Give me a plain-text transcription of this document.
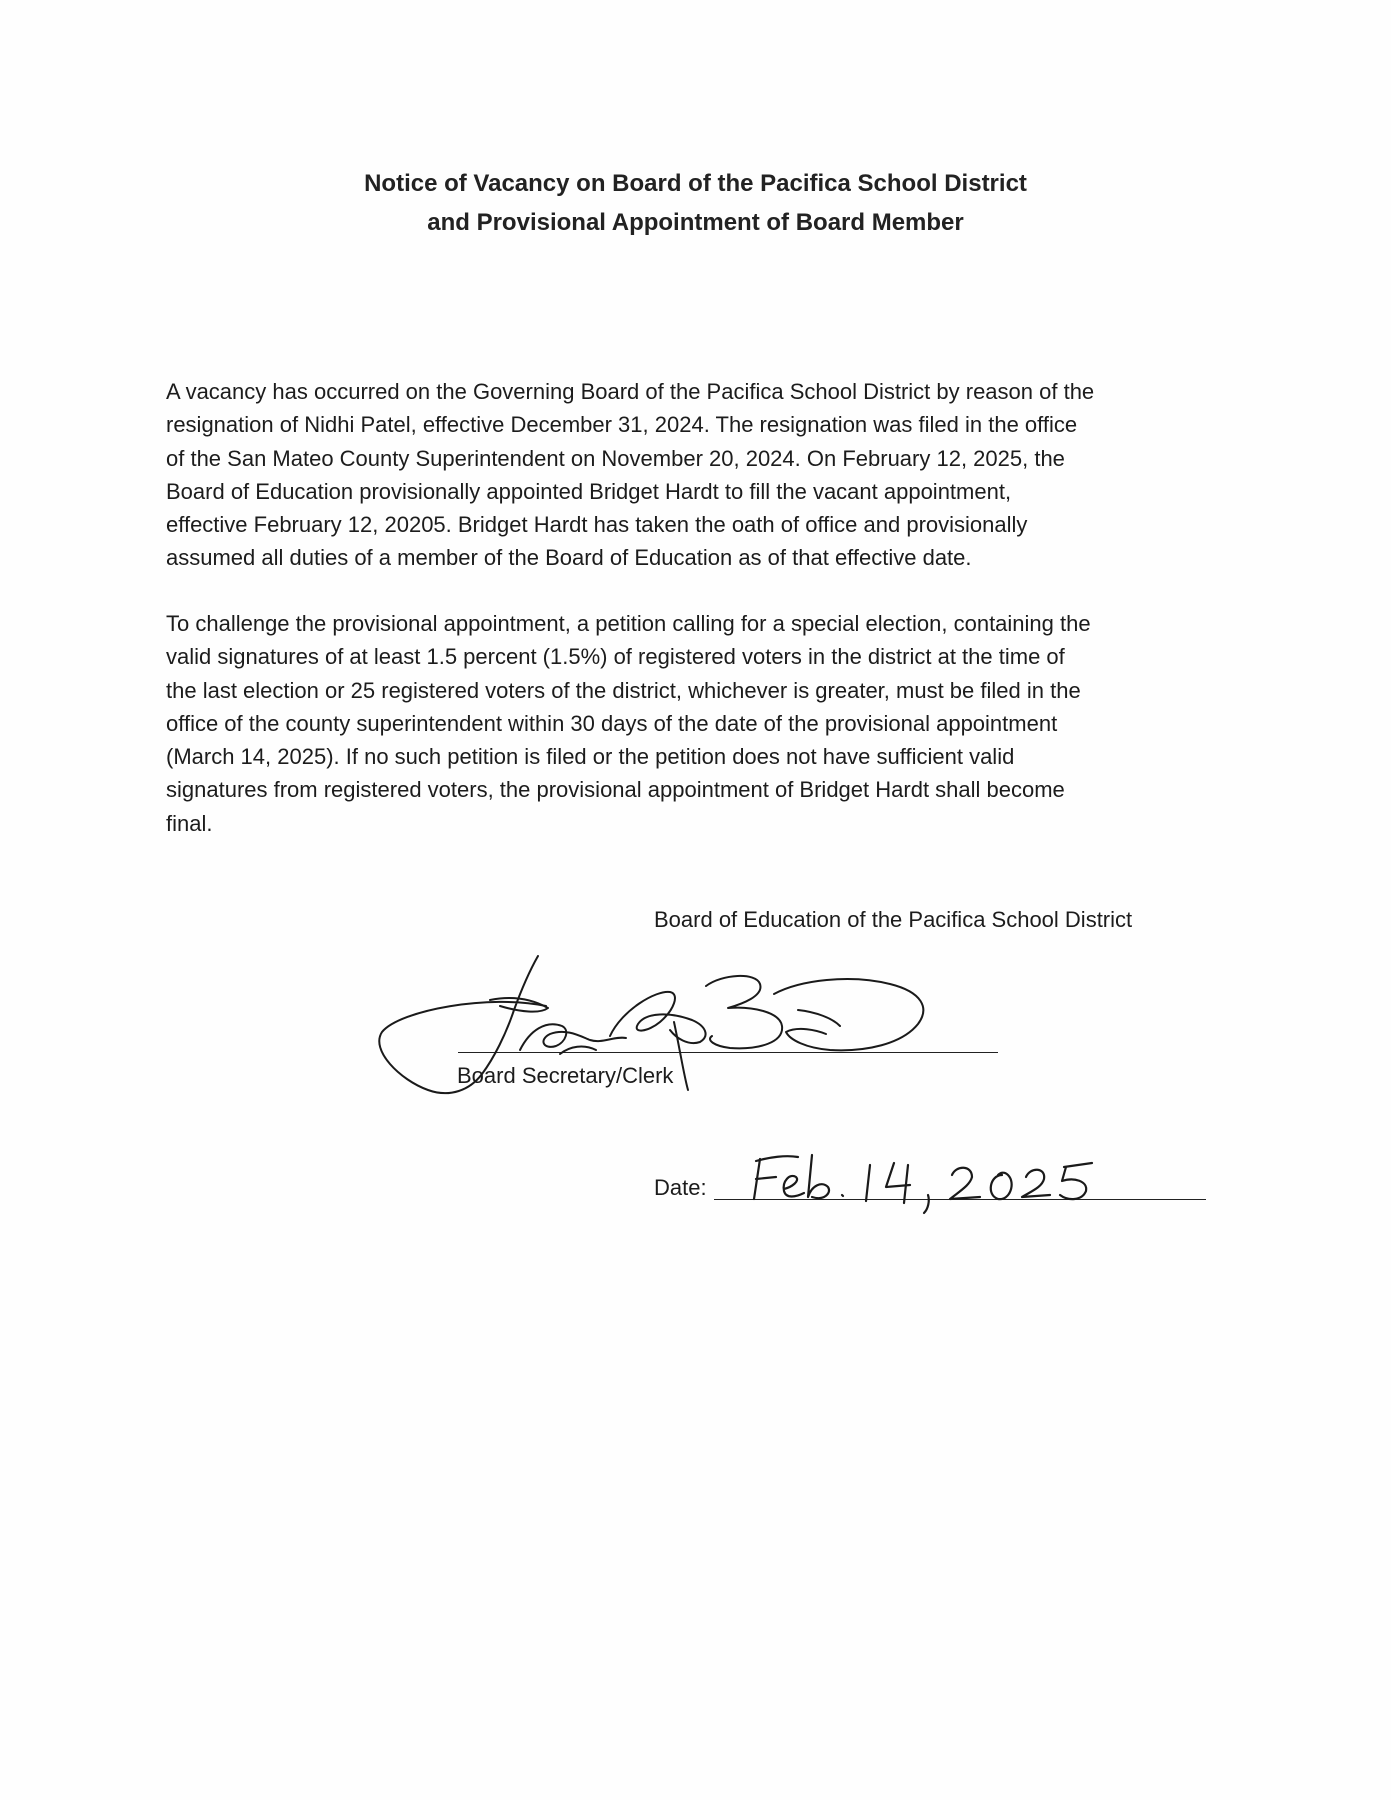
Notice of Vacancy on Board of the Pacifica School District
and Provisional Appointment of Board Member
A vacancy has occurred on the Governing Board of the Pacifica School District by reason of the
resignation of Nidhi Patel, effective December 31, 2024. The resignation was filed in the office
of the San Mateo County Superintendent on November 20, 2024. On February 12, 2025, the
Board of Education provisionally appointed Bridget Hardt to fill the vacant appointment,
effective February 12, 20205. Bridget Hardt has taken the oath of office and provisionally
assumed all duties of a member of the Board of Education as of that effective date.
To challenge the provisional appointment, a petition calling for a special election, containing the
valid signatures of at least 1.5 percent (1.5%) of registered voters in the district at the time of
the last election or 25 registered voters of the district, whichever is greater, must be filed in the
office of the county superintendent within 30 days of the date of the provisional appointment
(March 14, 2025). If no such petition is filed or the petition does not have sufficient valid
signatures from registered voters, the provisional appointment of Bridget Hardt shall become
final.
Board of Education of the Pacifica School District
Board Secretary/Clerk
Date:
